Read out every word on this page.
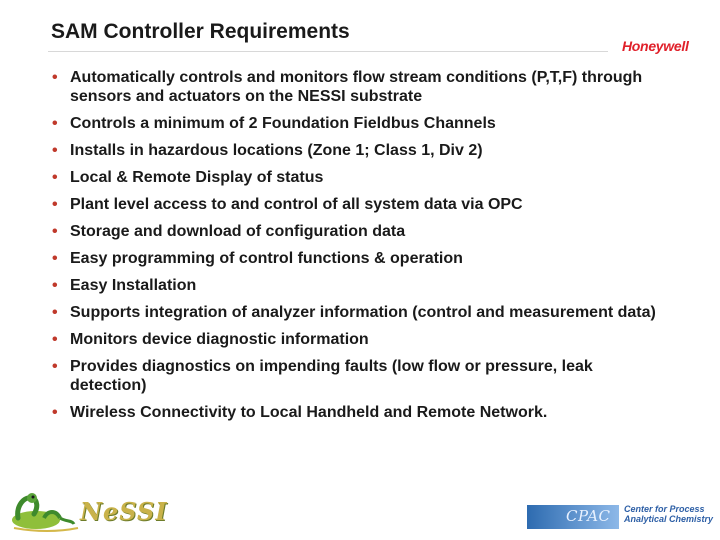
SAM Controller Requirements
Honeywell
• Automatically controls and monitors flow stream conditions (P,T,F) through sensors and actuators on the NESSI substrate
• Controls a minimum of 2 Foundation Fieldbus Channels
• Installs in hazardous locations (Zone 1; Class 1, Div 2)
• Local & Remote Display of status
• Plant level access to and control of all system data via OPC
• Storage and download of configuration data
• Easy programming of control functions & operation
• Easy Installation
• Supports integration of analyzer information (control and measurement data)
• Monitors device diagnostic information
• Provides diagnostics on impending faults (low flow or pressure, leak detection)
• Wireless Connectivity to Local Handheld and Remote Network.
NeSSI	CPAC Center for Process
Analytical Chemistry
